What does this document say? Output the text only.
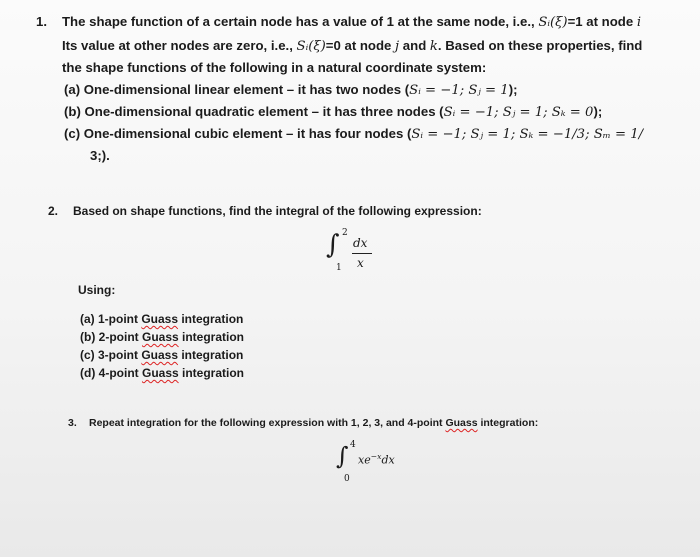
1. The shape function of a certain node has a value of 1 at the same node, i.e., Sᵢ(ξ)=1 at node i
Its value at other nodes are zero, i.e., Sᵢ(ξ)=0 at node j and k. Based on these properties, find
the shape functions of the following in a natural coordinate system:
(a) One-dimensional linear element – it has two nodes (Sᵢ = −1; Sⱼ = 1);
(b) One-dimensional quadratic element – it has three nodes (Sᵢ = −1; Sⱼ = 1; Sₖ = 0);
(c) One-dimensional cubic element – it has four nodes (Sᵢ = −1; Sⱼ = 1; Sₖ = −1/3; Sₘ = 1/
3;).
2. Based on shape functions, find the integral of the following expression:
∫ 2
1
dx
x
Using:
(a) 1-point Guass integration
(b) 2-point Guass integration
(c) 3-point Guass integration
(d) 4-point Guass integration
3. Repeat integration for the following expression with 1, 2, 3, and 4-point Guass integration:
∫ 4
0
$xe^{-x}dx$
